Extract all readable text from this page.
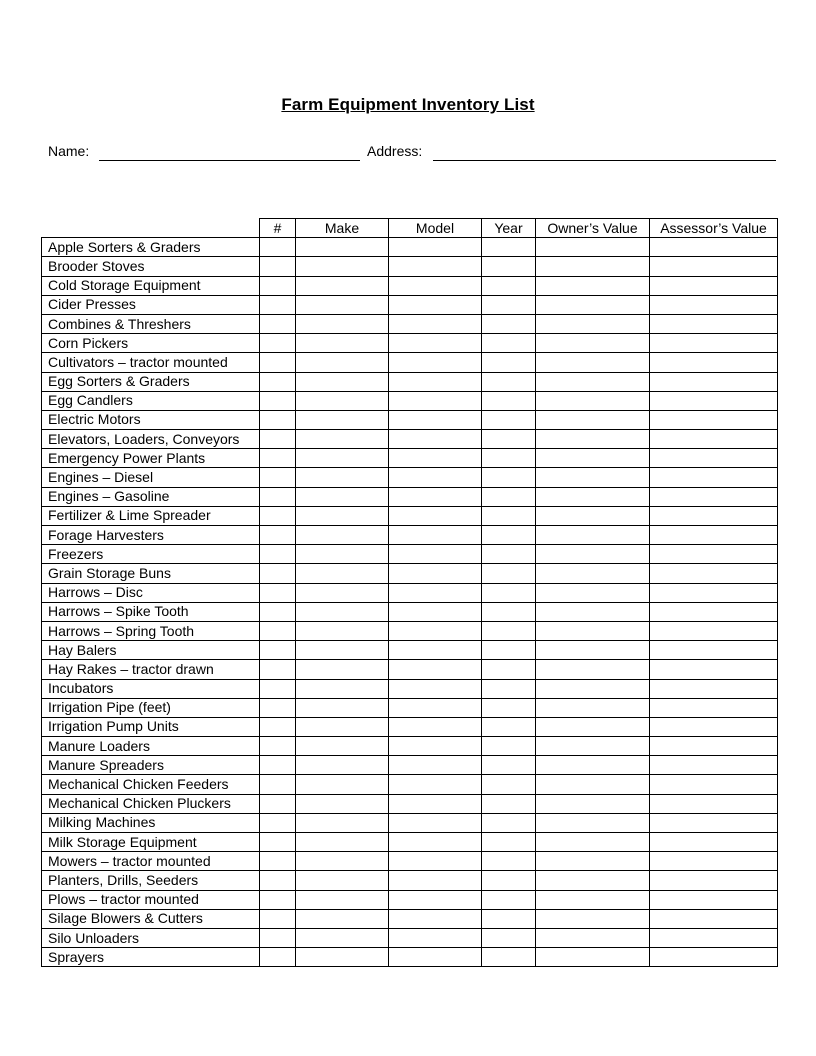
Farm Equipment Inventory List
Name:	Address:
	#	Make	Model	Year	Owner’s Value	Assessor’s Value
Apple Sorters & Graders						
Brooder Stoves						
Cold Storage Equipment						
Cider Presses						
Combines & Threshers						
Corn Pickers						
Cultivators – tractor mounted						
Egg Sorters & Graders						
Egg Candlers						
Electric Motors						
Elevators, Loaders, Conveyors						
Emergency Power Plants						
Engines – Diesel						
Engines – Gasoline						
Fertilizer & Lime Spreader						
Forage Harvesters						
Freezers						
Grain Storage Buns						
Harrows – Disc						
Harrows – Spike Tooth						
Harrows – Spring Tooth						
Hay Balers						
Hay Rakes – tractor drawn						
Incubators						
Irrigation Pipe (feet)						
Irrigation Pump Units						
Manure Loaders						
Manure Spreaders						
Mechanical Chicken Feeders						
Mechanical Chicken Pluckers						
Milking Machines						
Milk Storage Equipment						
Mowers – tractor mounted						
Planters, Drills, Seeders						
Plows – tractor mounted						
Silage Blowers & Cutters						
Silo Unloaders						
Sprayers						
